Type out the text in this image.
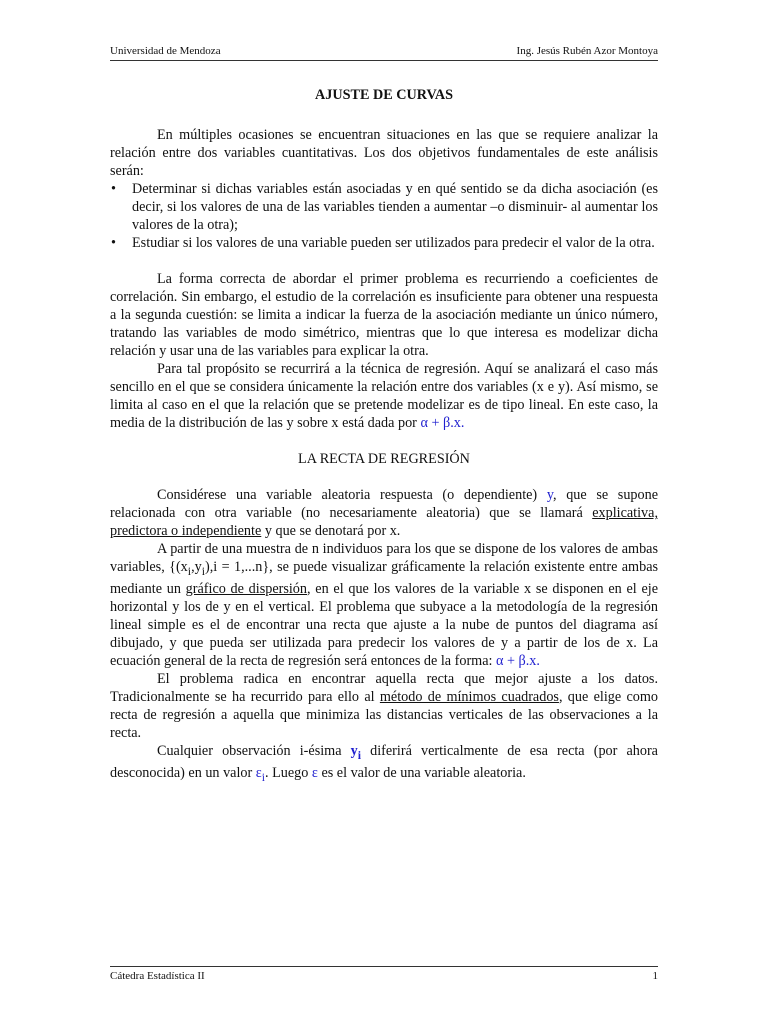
Universidad de Mendoza	Ing. Jesús Rubén Azor Montoya
AJUSTE DE CURVAS

En múltiples ocasiones se encuentran situaciones en las que se requiere analizar la relación entre dos variables cuantitativas. Los dos objetivos fundamentales de este análisis serán:

• Determinar si dichas variables están asociadas y en qué sentido se da dicha asociación (es decir, si los valores de una de las variables tienden a aumentar –o disminuir- al aumentar los valores de la otra);
• Estudiar si los valores de una variable pueden ser utilizados para predecir el valor de la otra.

La forma correcta de abordar el primer problema es recurriendo a coeficientes de correlación. Sin embargo, el estudio de la correlación es insuficiente para obtener una respuesta a la segunda cuestión: se limita a indicar la fuerza de la asociación mediante un único número, tratando las variables de modo simétrico, mientras que lo que interesa es modelizar dicha relación y usar una de las variables para explicar la otra.

Para tal propósito se recurrirá a la técnica de regresión. Aquí se analizará el caso más sencillo en el que se considera únicamente la relación entre dos variables (x e y). Así mismo, se limita al caso en el que la relación que se pretende modelizar es de tipo lineal. En este caso, la media de la distribución de las y sobre x está dada por α + β.x.

LA RECTA DE REGRESIÓN

Considérese una variable aleatoria respuesta (o dependiente) y, que se supone relacionada con otra variable (no necesariamente aleatoria) que se llamará explicativa, predictora o independiente y que se denotará por x.

A partir de una muestra de n individuos para los que se dispone de los valores de ambas variables, $\{(x_i,y_i),i = 1,...n\}$, se puede visualizar gráficamente la relación existente entre ambas mediante un gráfico de dispersión, en el que los valores de la variable x se disponen en el eje horizontal y los de y en el vertical. El problema que subyace a la metodología de la regresión lineal simple es el de encontrar una recta que ajuste a la nube de puntos del diagrama así dibujado, y que pueda ser utilizada para predecir los valores de y a partir de los de x. La ecuación general de la recta de regresión será entonces de la forma: α + β.x.

El problema radica en encontrar aquella recta que mejor ajuste a los datos. Tradicionalmente se ha recurrido para ello al método de mínimos cuadrados, que elige como recta de regresión a aquella que minimiza las distancias verticales de las observaciones a la recta.

Cualquier observación i-ésima $y_i$ diferirá verticalmente de esa recta (por ahora desconocida) en un valor $\varepsilon_i$. Luego ε es el valor de una variable aleatoria.

Cátedra Estadística II	1
